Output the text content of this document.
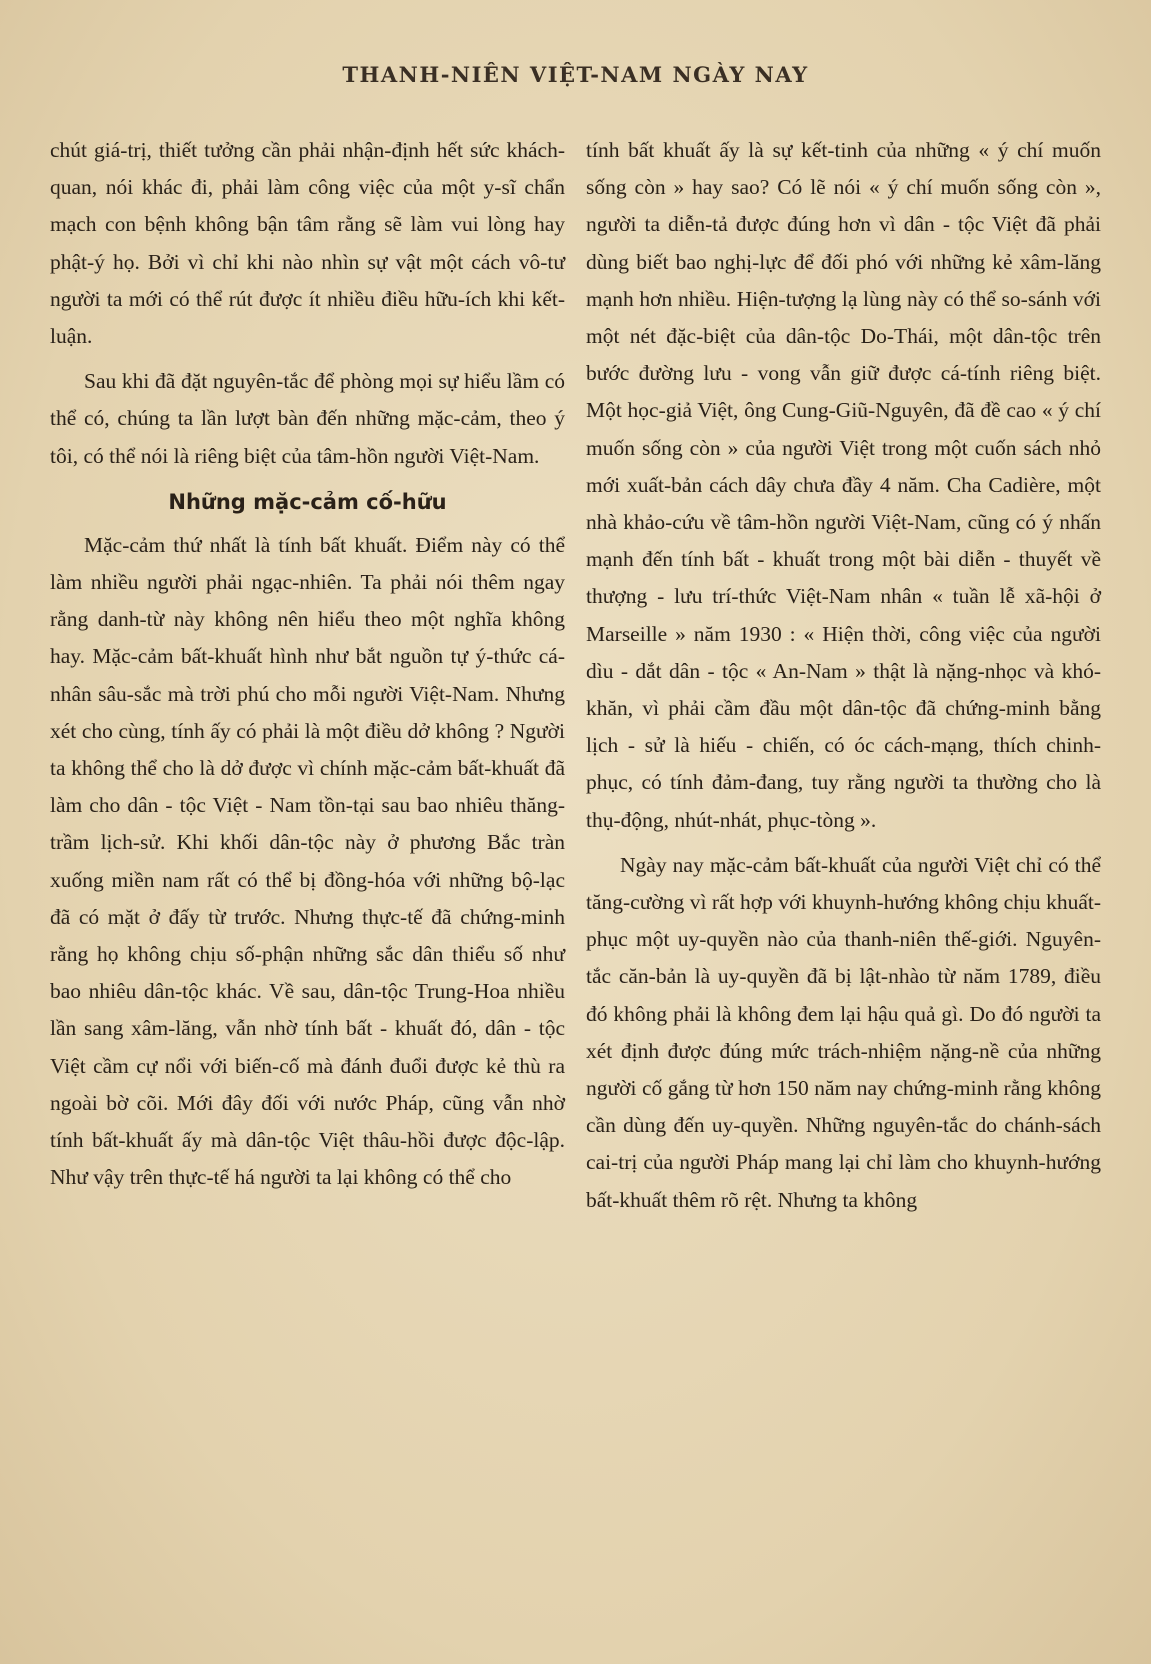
THANH-NIÊN VIỆT-NAM NGÀY NAY

chút giá-trị, thiết tưởng cần phải nhận-định hết sức khách-quan, nói khác đi, phải làm công việc của một y-sĩ chẩn mạch con bệnh không bận tâm rằng sẽ làm vui lòng hay phật-ý họ. Bởi vì chỉ khi nào nhìn sự vật một cách vô-tư người ta mới có thể rút được ít nhiều điều hữu-ích khi kết-luận.

Sau khi đã đặt nguyên-tắc để phòng mọi sự hiểu lầm có thể có, chúng ta lần lượt bàn đến những mặc-cảm, theo ý tôi, có thể nói là riêng biệt của tâm-hồn người Việt-Nam.

Những mặc-cảm cố-hữu

Mặc-cảm thứ nhất là tính bất khuất. Điểm này có thể làm nhiều người phải ngạc-nhiên. Ta phải nói thêm ngay rằng danh-từ này không nên hiểu theo một nghĩa không hay. Mặc-cảm bất-khuất hình như bắt nguồn tự ý-thức cá-nhân sâu-sắc mà trời phú cho mỗi người Việt-Nam. Nhưng xét cho cùng, tính ấy có phải là một điều dở không ? Người ta không thể cho là dở được vì chính mặc-cảm bất-khuất đã làm cho dân - tộc Việt - Nam tồn-tại sau bao nhiêu thăng-trầm lịch-sử. Khi khối dân-tộc này ở phương Bắc tràn xuống miền nam rất có thể bị đồng-hóa với những bộ-lạc đã có mặt ở đấy từ trước. Nhưng thực-tế đã chứng-minh rằng họ không chịu số-phận những sắc dân thiểu số như bao nhiêu dân-tộc khác. Về sau, dân-tộc Trung-Hoa nhiều lần sang xâm-lăng, vẫn nhờ tính bất - khuất đó, dân - tộc Việt cầm cự nổi với biến-cố mà đánh đuổi được kẻ thù ra ngoài bờ cõi. Mới đây đối với nước Pháp, cũng vẫn nhờ tính bất-khuất ấy mà dân-tộc Việt thâu-hồi được độc-lập. Như vậy trên thực-tế há người ta lại không có thể cho

tính bất khuất ấy là sự kết-tinh của những « ý chí muốn sống còn » hay sao? Có lẽ nói « ý chí muốn sống còn », người ta diễn-tả được đúng hơn vì dân - tộc Việt đã phải dùng biết bao nghị-lực để đối phó với những kẻ xâm-lăng mạnh hơn nhiều. Hiện-tượng lạ lùng này có thể so-sánh với một nét đặc-biệt của dân-tộc Do-Thái, một dân-tộc trên bước đường lưu - vong vẫn giữ được cá-tính riêng biệt. Một học-giả Việt, ông Cung-Giũ-Nguyên, đã đề cao « ý chí muốn sống còn » của người Việt trong một cuốn sách nhỏ mới xuất-bản cách dây chưa đầy 4 năm. Cha Cadière, một nhà khảo-cứu về tâm-hồn người Việt-Nam, cũng có ý nhấn mạnh đến tính bất - khuất trong một bài diễn - thuyết về thượng - lưu trí-thức Việt-Nam nhân « tuần lễ xã-hội ở Marseille » năm 1930 : « Hiện thời, công việc của người dìu - dắt dân - tộc « An-Nam » thật là nặng-nhọc và khó-khăn, vì phải cầm đầu một dân-tộc đã chứng-minh bằng lịch - sử là hiếu - chiến, có óc cách-mạng, thích chinh-phục, có tính đảm-đang, tuy rằng người ta thường cho là thụ-động, nhút-nhát, phục-tòng ».

Ngày nay mặc-cảm bất-khuất của người Việt chỉ có thể tăng-cường vì rất hợp với khuynh-hướng không chịu khuất-phục một uy-quyền nào của thanh-niên thế-giới. Nguyên-tắc căn-bản là uy-quyền đã bị lật-nhào từ năm 1789, điều đó không phải là không đem lại hậu quả gì. Do đó người ta xét định được đúng mức trách-nhiệm nặng-nề của những người cố gắng từ hơn 150 năm nay chứng-minh rằng không cần dùng đến uy-quyền. Những nguyên-tắc do chánh-sách cai-trị của người Pháp mang lại chỉ làm cho khuynh-hướng bất-khuất thêm rõ rệt. Nhưng ta không
